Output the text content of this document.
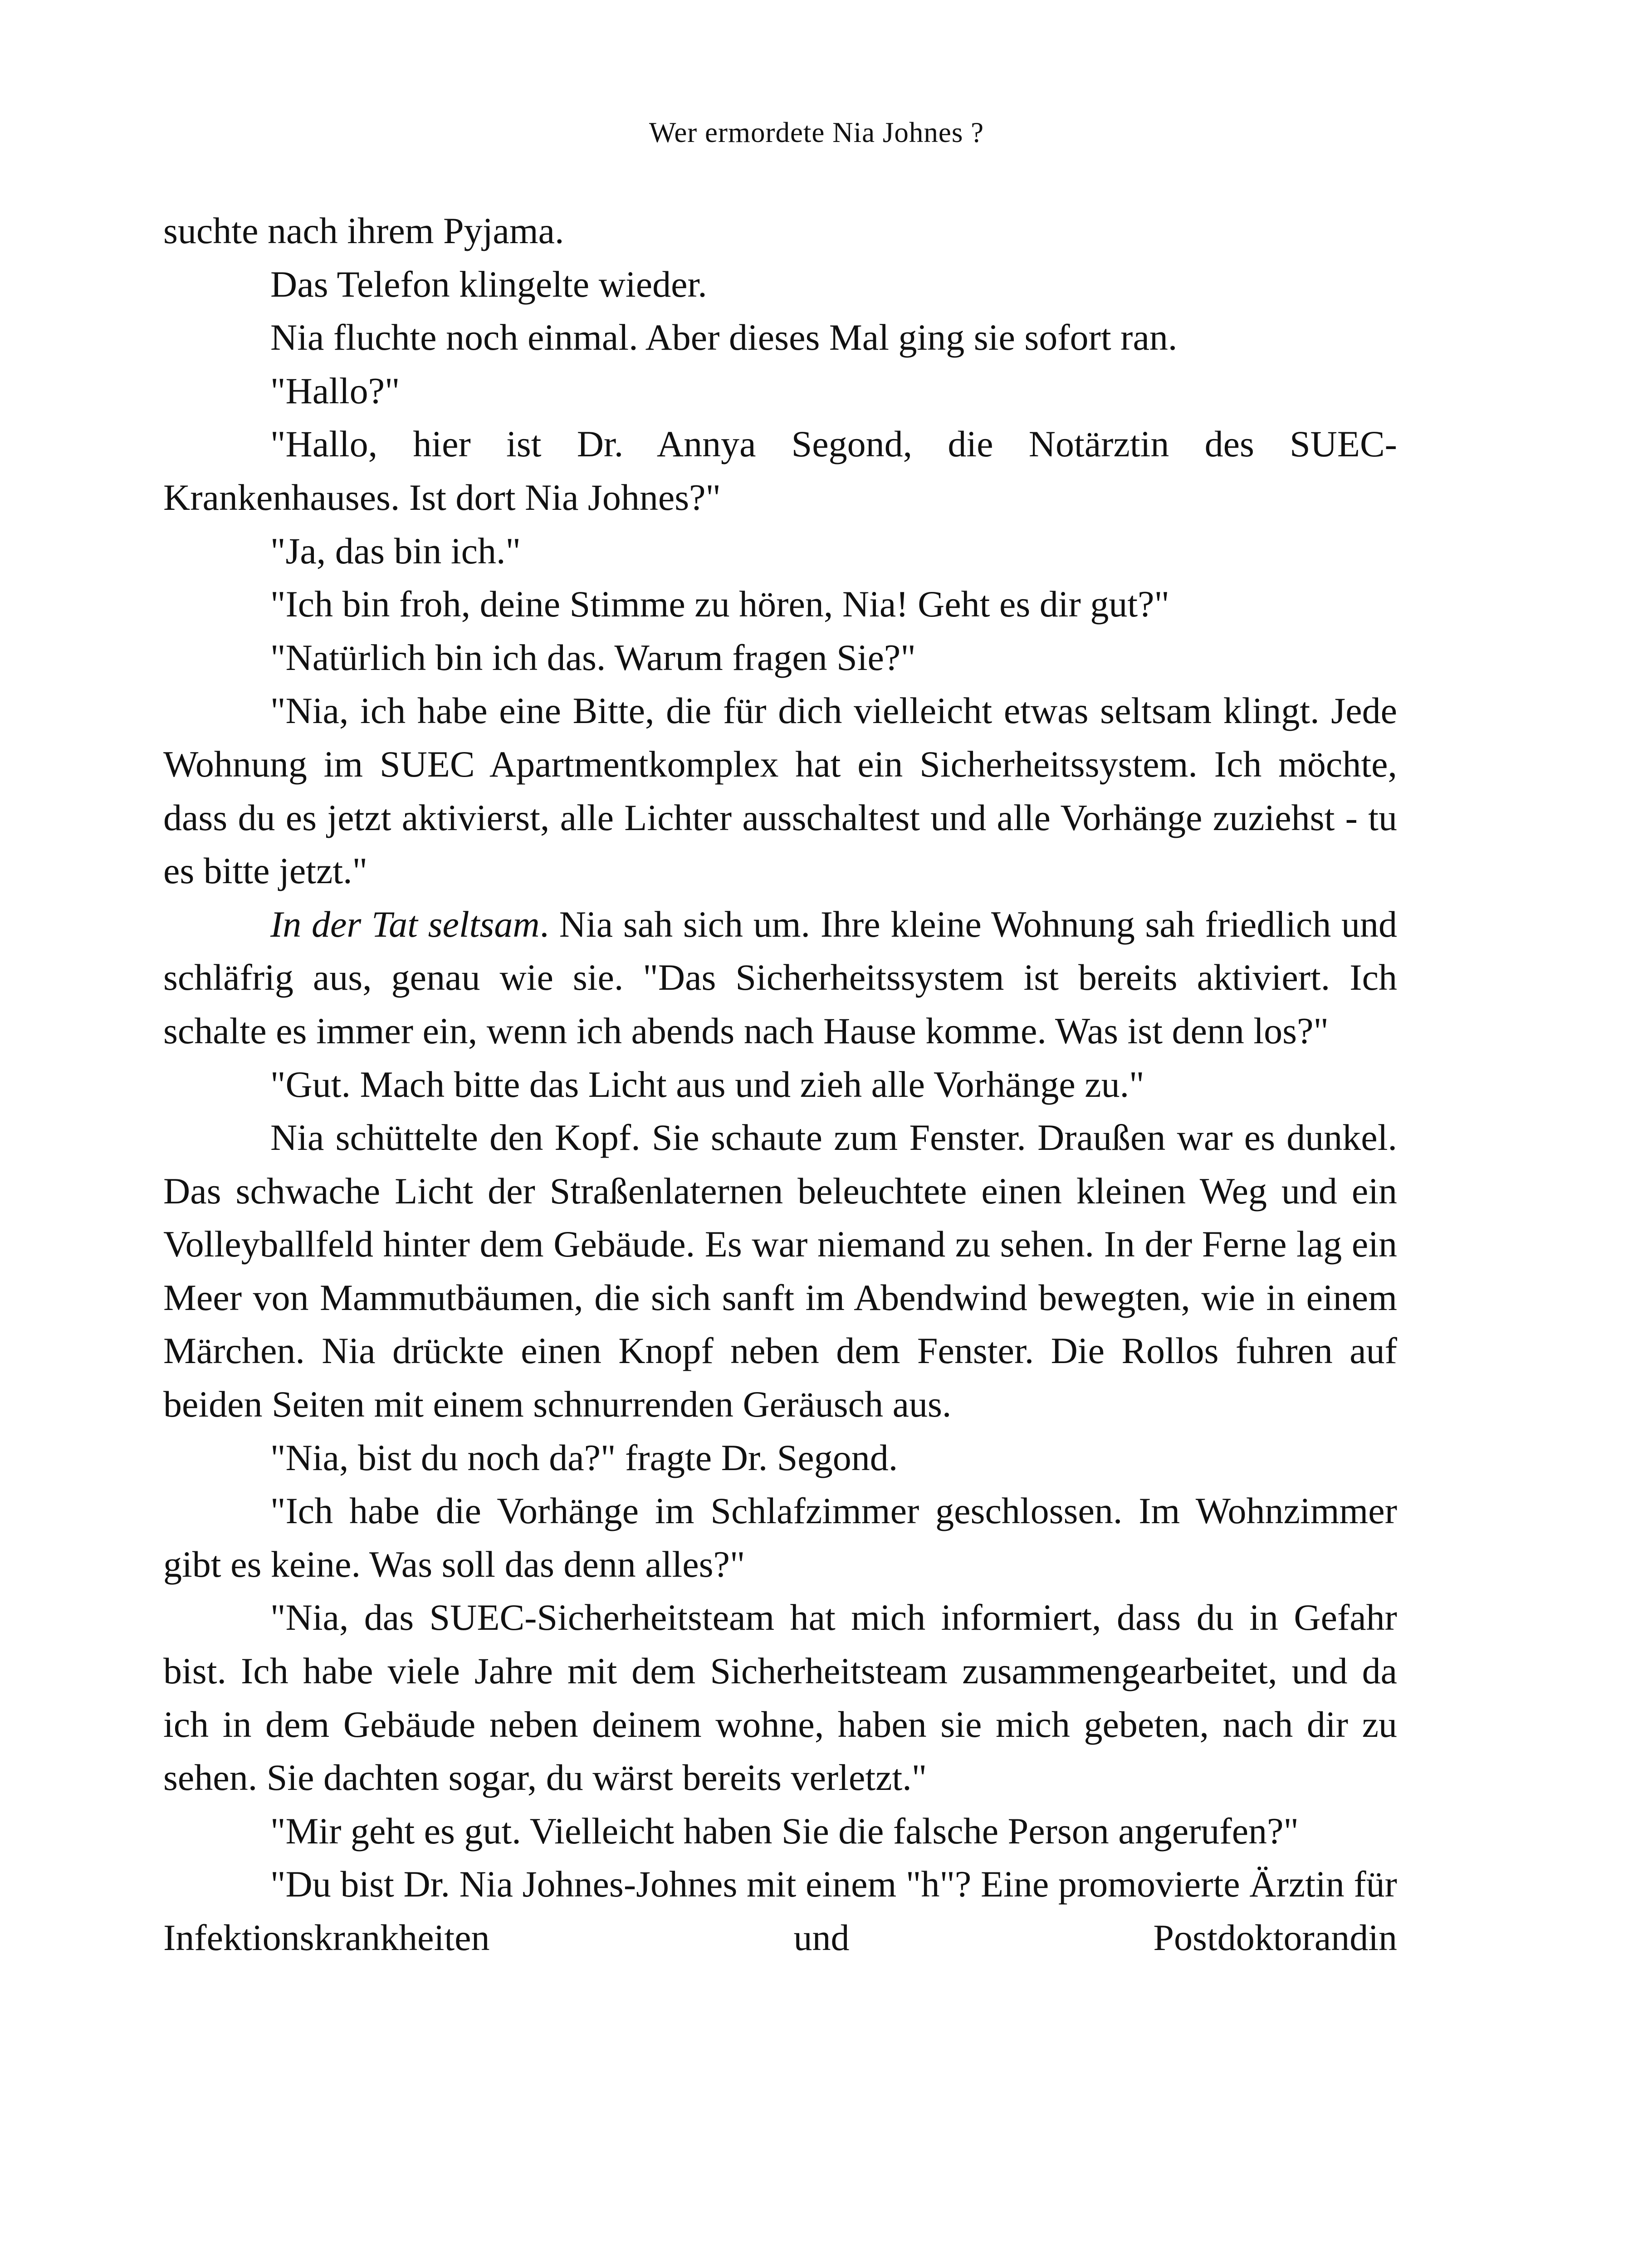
Wer ermordete Nia Johnes ?

suchte nach ihrem Pyjama.

Das Telefon klingelte wieder.

Nia fluchte noch einmal. Aber dieses Mal ging sie sofort ran.

"Hallo?"

"Hallo, hier ist Dr. Annya Segond, die Notärztin des SUEC-Krankenhauses. Ist dort Nia Johnes?"

"Ja, das bin ich."

"Ich bin froh, deine Stimme zu hören, Nia! Geht es dir gut?"

"Natürlich bin ich das. Warum fragen Sie?"

"Nia, ich habe eine Bitte, die für dich vielleicht etwas seltsam klingt. Jede Wohnung im SUEC Apartmentkomplex hat ein Sicherheitssystem. Ich möchte, dass du es jetzt aktivierst, alle Lichter ausschaltest und alle Vorhänge zuziehst - tu es bitte jetzt."

In der Tat seltsam. Nia sah sich um. Ihre kleine Wohnung sah friedlich und schläfrig aus, genau wie sie. "Das Sicherheitssystem ist bereits aktiviert. Ich schalte es immer ein, wenn ich abends nach Hause komme. Was ist denn los?"

"Gut. Mach bitte das Licht aus und zieh alle Vorhänge zu."

Nia schüttelte den Kopf. Sie schaute zum Fenster. Draußen war es dunkel. Das schwache Licht der Straßenlaternen beleuchtete einen kleinen Weg und ein Volleyballfeld hinter dem Gebäude. Es war niemand zu sehen. In der Ferne lag ein Meer von Mammutbäumen, die sich sanft im Abendwind bewegten, wie in einem Märchen. Nia drückte einen Knopf neben dem Fenster. Die Rollos fuhren auf beiden Seiten mit einem schnurrenden Geräusch aus.

"Nia, bist du noch da?" fragte Dr. Segond.

"Ich habe die Vorhänge im Schlafzimmer geschlossen. Im Wohnzimmer gibt es keine. Was soll das denn alles?"

"Nia, das SUEC-Sicherheitsteam hat mich informiert, dass du in Gefahr bist. Ich habe viele Jahre mit dem Sicherheitsteam zusammengearbeitet, und da ich in dem Gebäude neben deinem wohne, haben sie mich gebeten, nach dir zu sehen. Sie dachten sogar, du wärst bereits verletzt."

"Mir geht es gut. Vielleicht haben Sie die falsche Person angerufen?"

"Du bist Dr. Nia Johnes-Johnes mit einem "h"? Eine promovierte Ärztin für Infektionskrankheiten und Postdoktorandin
